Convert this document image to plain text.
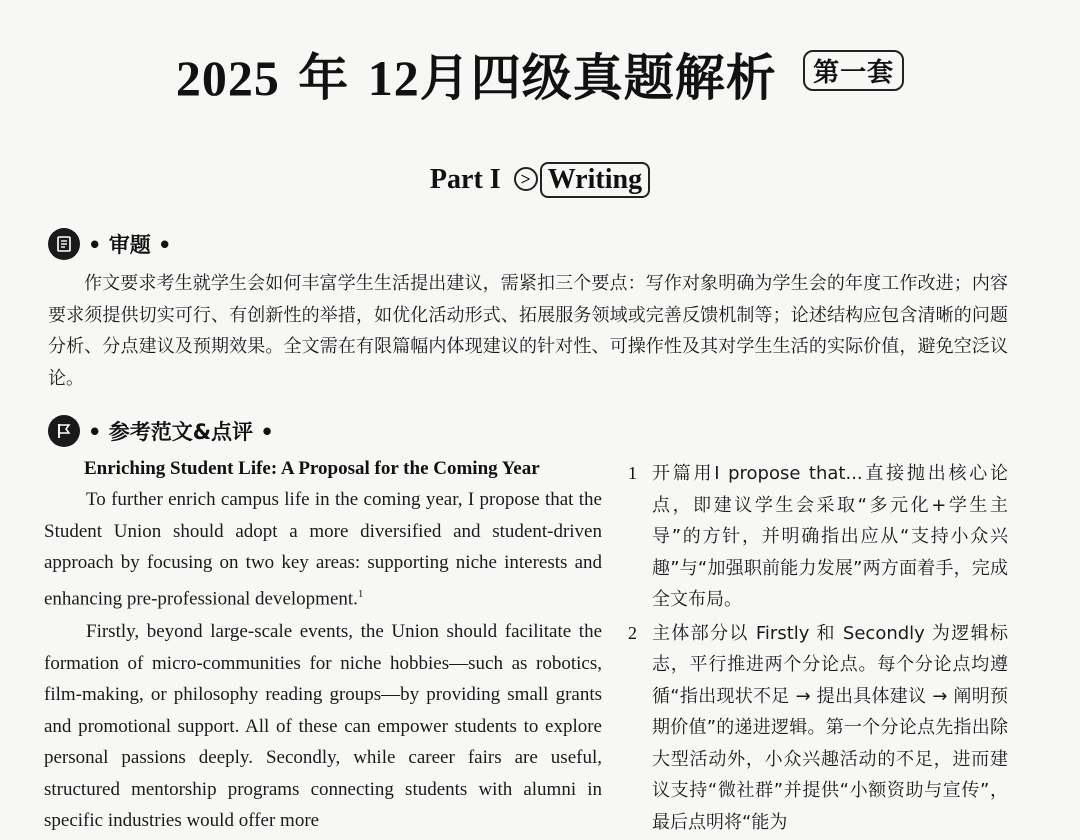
2025 年 12月四级真题解析 第一套
Part I > Writing
• 审题 •
作文要求考生就学生会如何丰富学生生活提出建议，需紧扣三个要点：写作对象明确为学生会的年度工作改进；内容要求须提供切实可行、有创新性的举措，如优化活动形式、拓展服务领域或完善反馈机制等；论述结构应包含清晰的问题分析、分点建议及预期效果。全文需在有限篇幅内体现建议的针对性、可操作性及其对学生生活的实际价值，避免空泛议论。
• 参考范文&点评 •
Enriching Student Life: A Proposal for the Coming Year

To further enrich campus life in the coming year, I propose that the Student Union should adopt a more diversified and student-driven approach by focusing on two key areas: supporting niche interests and enhancing pre-professional development.$^1$

Firstly, beyond large-scale events, the Union should facilitate the formation of micro-communities for niche hobbies—such as robotics, film-making, or philosophy reading groups—by providing small grants and promotional support. All of these can empower students to explore personal passions deeply. Secondly, while career fairs are useful, structured mentorship programs connecting students with alumni in specific industries would offer more

1 开篇用I propose that...直接抛出核心论点，即建议学生会采取“多元化+学生主导”的方针，并明确指出应从“支持小众兴趣”与“加强职前能力发展”两方面着手，完成全文布局。
2 主体部分以 Firstly 和 Secondly 为逻辑标志，平行推进两个分论点。每个分论点均遵循“指出现状不足 → 提出具体建议 → 阐明预期价值”的递进逻辑。第一个分论点先指出除大型活动外，小众兴趣活动的不足，进而建议支持“微社群”并提供“小额资助与宣传”，最后点明将“能为
